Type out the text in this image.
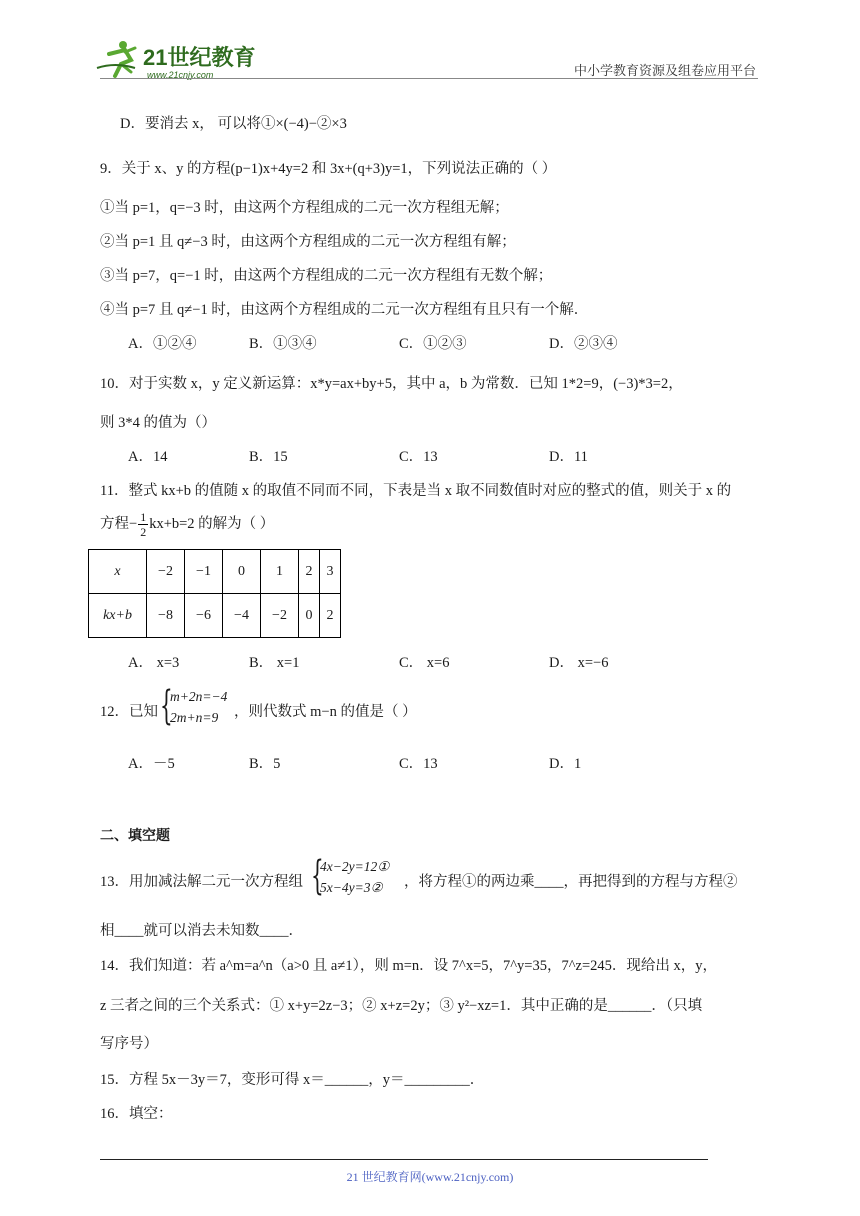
21世纪教育
www.21cnjy.com	中小学教育资源及组卷应用平台
D．要消去 x， 可以将①×(−4)−②×3
9．关于 x、y 的方程(p−1)x+4y=2 和 3x+(q+3)y=1，下列说法正确的（ ）
①当 p=1，q=−3 时，由这两个方程组成的二元一次方程组无解；
②当 p=1 且 q≠−3 时，由这两个方程组成的二元一次方程组有解；
③当 p=7，q=−1 时，由这两个方程组成的二元一次方程组有无数个解；
④当 p=7 且 q≠−1 时，由这两个方程组成的二元一次方程组有且只有一个解．
A．①②④	B．①③④	C．①②③	D．②③④
10．对于实数 x，y 定义新运算：x*y=ax+by+5，其中 a，b 为常数．已知 1*2=9，(−3)*3=2，
则 3*4 的值为（）
A．14	B．15	C．13	D．11
11．整式 kx+b 的值随 x 的取值不同而不同，下表是当 x 取不同数值时对应的整式的值，则关于 x 的
方程− $\frac{1}{2} kx+b=2$ 的解为（ ）
x	−2	−1	0	1	2	3
kx+b	−8	−6	−4	−2	0	2
A． x=3	B． x=1	C． x=6	D． x=−6
12．已知 {
m+2n=−4
2m+n=9	，则代数式 m−n 的值是（ ）
A．－5	B．5	C．13	D．1
二、填空题
13．用加减法解二元一次方程组 {
4x−2y=12①
5x−4y=3②	，将方程①的两边乘____，再把得到的方程与方程②
相____就可以消去未知数____．
14．我们知道：若 a^m=a^n（a>0 且 a≠1），则 m=n．设 7^x=5，7^y=35，7^z=245．现给出 x，y，
z 三者之间的三个关系式：① x+y=2z−3；② x+z=2y；③ y²−xz=1．其中正确的是______．（只填
写序号）
15．方程 5x－3y＝7，变形可得 x＝______，y＝_________．
16．填空：
21 世纪教育网(www.21cnjy.com)
